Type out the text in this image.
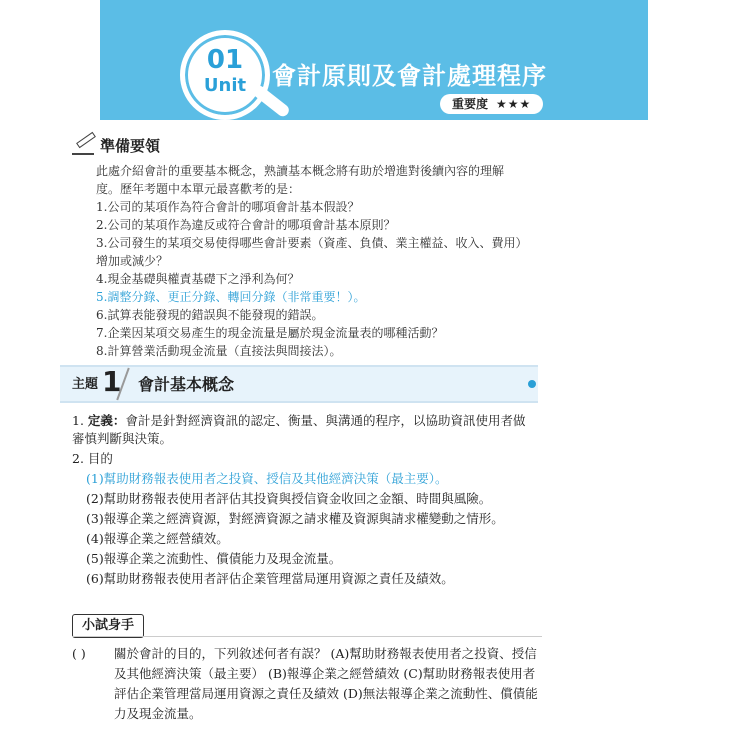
01
Unit	會計原則及會計處理程序
重要度 ★★★
準備要領

此處介紹會計的重要基本概念，熟讀基本概念將有助於增進對後續內容的理解度。歷年考題中本單元最喜歡考的是：

1.公司的某項作為符合會計的哪項會計基本假設？
2.公司的某項作為違反或符合會計的哪項會計基本原則？
3.公司發生的某項交易使得哪些會計要素（資產、負債、業主權益、收入、費用）增加或減少？
4.現金基礎與權責基礎下之淨利為何？
5.調整分錄、更正分錄、轉回分錄（非常重要！）。
6.試算表能發現的錯誤與不能發現的錯誤。
7.企業因某項交易產生的現金流量是屬於現金流量表的哪種活動？
8.計算營業活動現金流量（直接法與間接法）。
主題 1 會計基本概念

1. 定義：會計是針對經濟資訊的認定、衡量、與溝通的程序，以協助資訊使用者做審慎判斷與決策。

2. 目的

(1)幫助財務報表使用者之投資、授信及其他經濟決策（最主要）。

(2)幫助財務報表使用者評估其投資與授信資金收回之金額、時間與風險。

(3)報導企業之經濟資源，對經濟資源之請求權及資源與請求權變動之情形。

(4)報導企業之經營績效。

(5)報導企業之流動性、償債能力及現金流量。

(6)幫助財務報表使用者評估企業管理當局運用資源之責任及績效。

小試身手
( ) 關於會計的目的，下列敘述何者有誤？ (A)幫助財務報表使用者之投資、授信及其他經濟決策（最主要） (B)報導企業之經營績效 (C)幫助財務報表使用者評估企業管理當局運用資源之責任及績效 (D)無法報導企業之流動性、償債能力及現金流量。
